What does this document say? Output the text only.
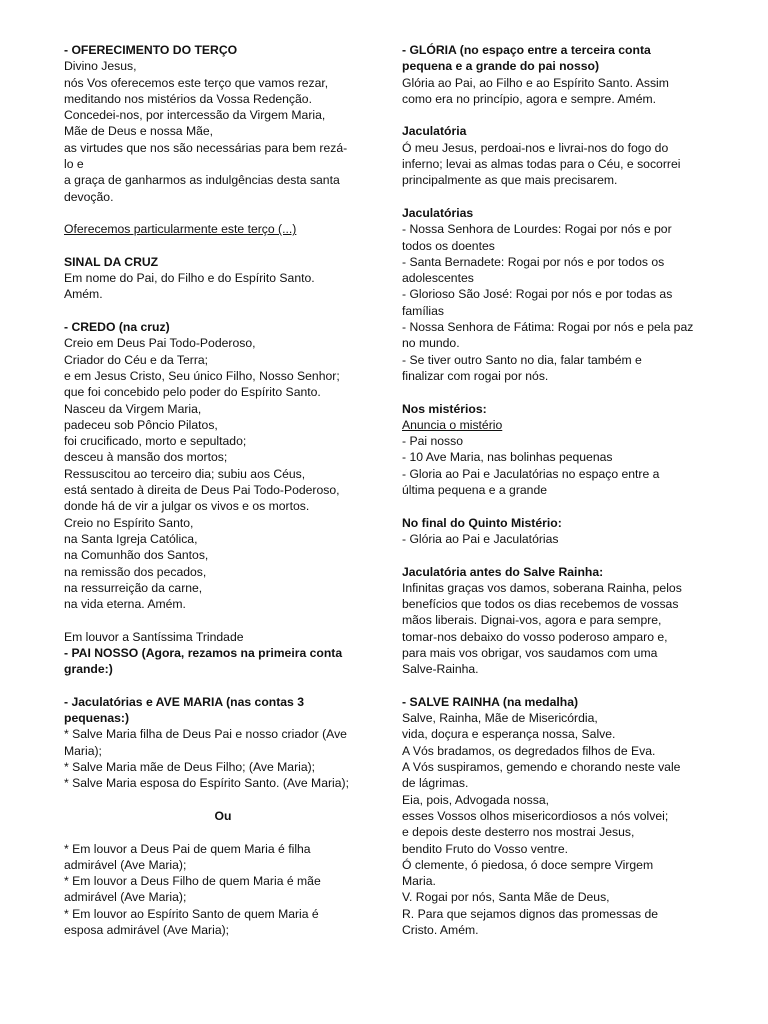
- OFERECIMENTO DO TERÇO
Divino Jesus,
nós Vos oferecemos este terço que vamos rezar,
meditando nos mistérios da Vossa Redenção.
Concedei-nos, por intercessão da Virgem Maria,
Mãe de Deus e nossa Mãe,
as virtudes que nos são necessárias para bem rezá-
lo e
a graça de ganharmos as indulgências desta santa
devoção.
Oferecemos particularmente este terço (...)
SINAL DA CRUZ
Em nome do Pai, do Filho e do Espírito Santo.
Amém.
- CREDO (na cruz)
Creio em Deus Pai Todo-Poderoso,
Criador do Céu e da Terra;
e em Jesus Cristo, Seu único Filho, Nosso Senhor;
que foi concebido pelo poder do Espírito Santo.
Nasceu da Virgem Maria,
padeceu sob Pôncio Pilatos,
foi crucificado, morto e sepultado;
desceu à mansão dos mortos;
Ressuscitou ao terceiro dia; subiu aos Céus,
está sentado à direita de Deus Pai Todo-Poderoso,
donde há de vir a julgar os vivos e os mortos.
Creio no Espírito Santo,
na Santa Igreja Católica,
na Comunhão dos Santos,
na remissão dos pecados,
na ressurreição da carne,
na vida eterna. Amém.
Em louvor a Santíssima Trindade
- PAI NOSSO (Agora, rezamos na primeira conta
grande:)
- Jaculatórias e AVE MARIA (nas contas 3
pequenas:)
* Salve Maria filha de Deus Pai e nosso criador (Ave
Maria);
* Salve Maria mãe de Deus Filho; (Ave Maria);
* Salve Maria esposa do Espírito Santo. (Ave Maria);
Ou
* Em louvor a Deus Pai de quem Maria é filha
admirável (Ave Maria);
* Em louvor a Deus Filho de quem Maria é mãe
admirável (Ave Maria);
* Em louvor ao Espírito Santo de quem Maria é
esposa admirável (Ave Maria);
- GLÓRIA (no espaço entre a terceira conta
pequena e a grande do pai nosso)
Glória ao Pai, ao Filho e ao Espírito Santo. Assim
como era no princípio, agora e sempre. Amém.
Jaculatória
Ó meu Jesus, perdoai-nos e livrai-nos do fogo do
inferno; levai as almas todas para o Céu, e socorrei
principalmente as que mais precisarem.
Jaculatórias
- Nossa Senhora de Lourdes: Rogai por nós e por
todos os doentes
- Santa Bernadete: Rogai por nós e por todos os
adolescentes
- Glorioso São José: Rogai por nós e por todas as
famílias
- Nossa Senhora de Fátima: Rogai por nós e pela paz
no mundo.
- Se tiver outro Santo no dia, falar também e
finalizar com rogai por nós.
Nos mistérios:
Anuncia o mistério
- Pai nosso
- 10 Ave Maria, nas bolinhas pequenas
- Gloria ao Pai e Jaculatórias no espaço entre a
última pequena e a grande
No final do Quinto Mistério:
- Glória ao Pai e Jaculatórias
Jaculatória antes do Salve Rainha:
Infinitas graças vos damos, soberana Rainha, pelos
benefícios que todos os dias recebemos de vossas
mãos liberais. Dignai-vos, agora e para sempre,
tomar-nos debaixo do vosso poderoso amparo e,
para mais vos obrigar, vos saudamos com uma
Salve-Rainha.
- SALVE RAINHA (na medalha)
Salve, Rainha, Mãe de Misericórdia,
vida, doçura e esperança nossa, Salve.
A Vós bradamos, os degredados filhos de Eva.
A Vós suspiramos, gemendo e chorando neste vale
de lágrimas.
Eia, pois, Advogada nossa,
esses Vossos olhos misericordiosos a nós volvei;
e depois deste desterro nos mostrai Jesus,
bendito Fruto do Vosso ventre.
Ó clemente, ó piedosa, ó doce sempre Virgem
Maria.
V. Rogai por nós, Santa Mãe de Deus,
R. Para que sejamos dignos das promessas de
Cristo. Amém.
